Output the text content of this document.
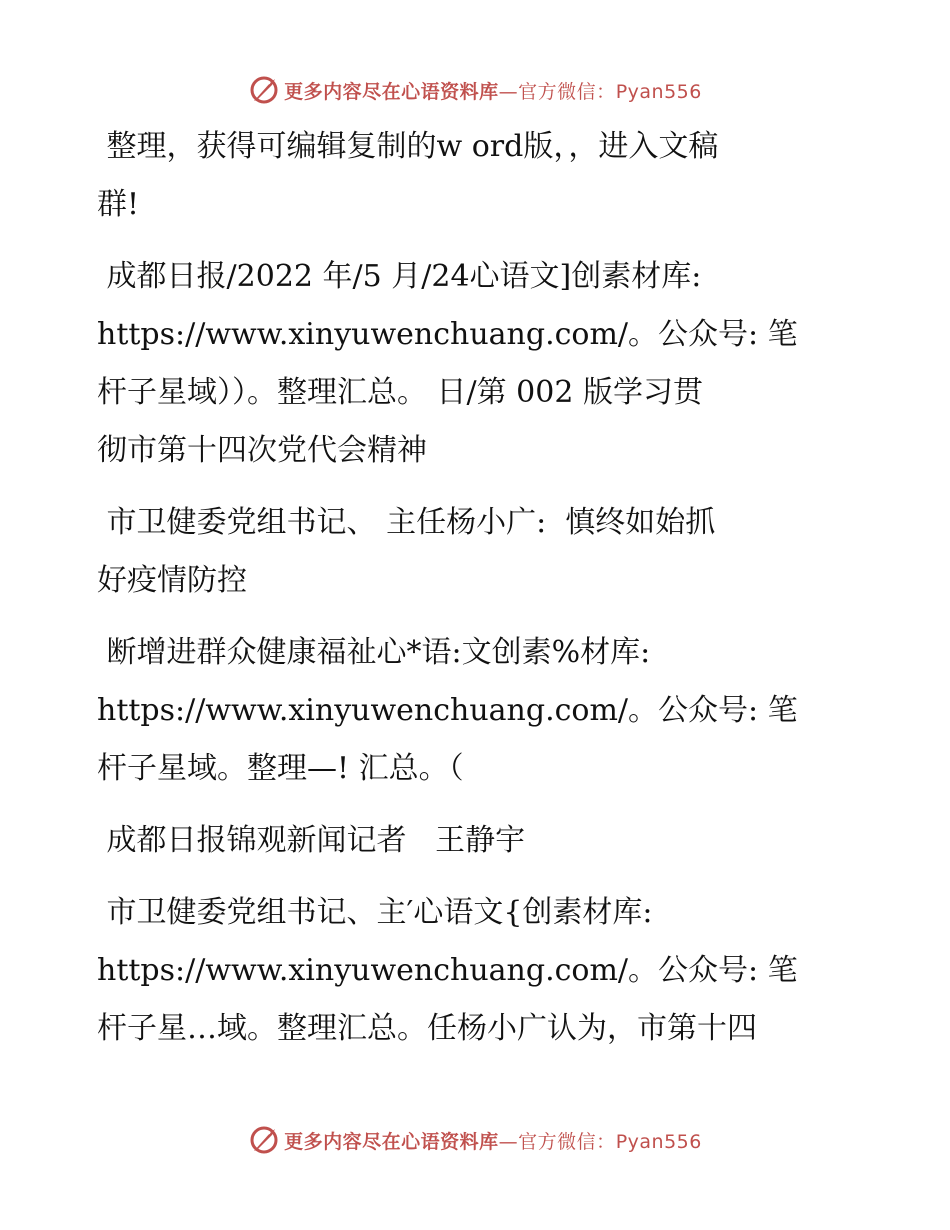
更多内容尽在心语资料库—官方微信：Pyan556
整理，获得可编辑复制的w ord版，，进入文稿
群!
成都日报/2022 年/5 月/24心语文]创素材库:
https://www.xinyuwenchuang.com/。公众号: 笔
杆子星域））。整理汇总。 日/第 002 版学习贯
彻市第十四次党代会精神
市卫健委党组书记、 主任杨小广:  慎终如始抓
好疫情防控
断增进群众健康福祉心*语:文创素%材库:
https://www.xinyuwenchuang.com/。公众号: 笔
杆子星域。整理—! 汇总。（
成都日报锦观新闻记者   王静宇
市卫健委党组书记、主′心语文{创素材库:
https://www.xinyuwenchuang.com/。公众号: 笔
杆子星…域。整理汇总。任杨小广认为，市第十四
更多内容尽在心语资料库—官方微信：Pyan556
